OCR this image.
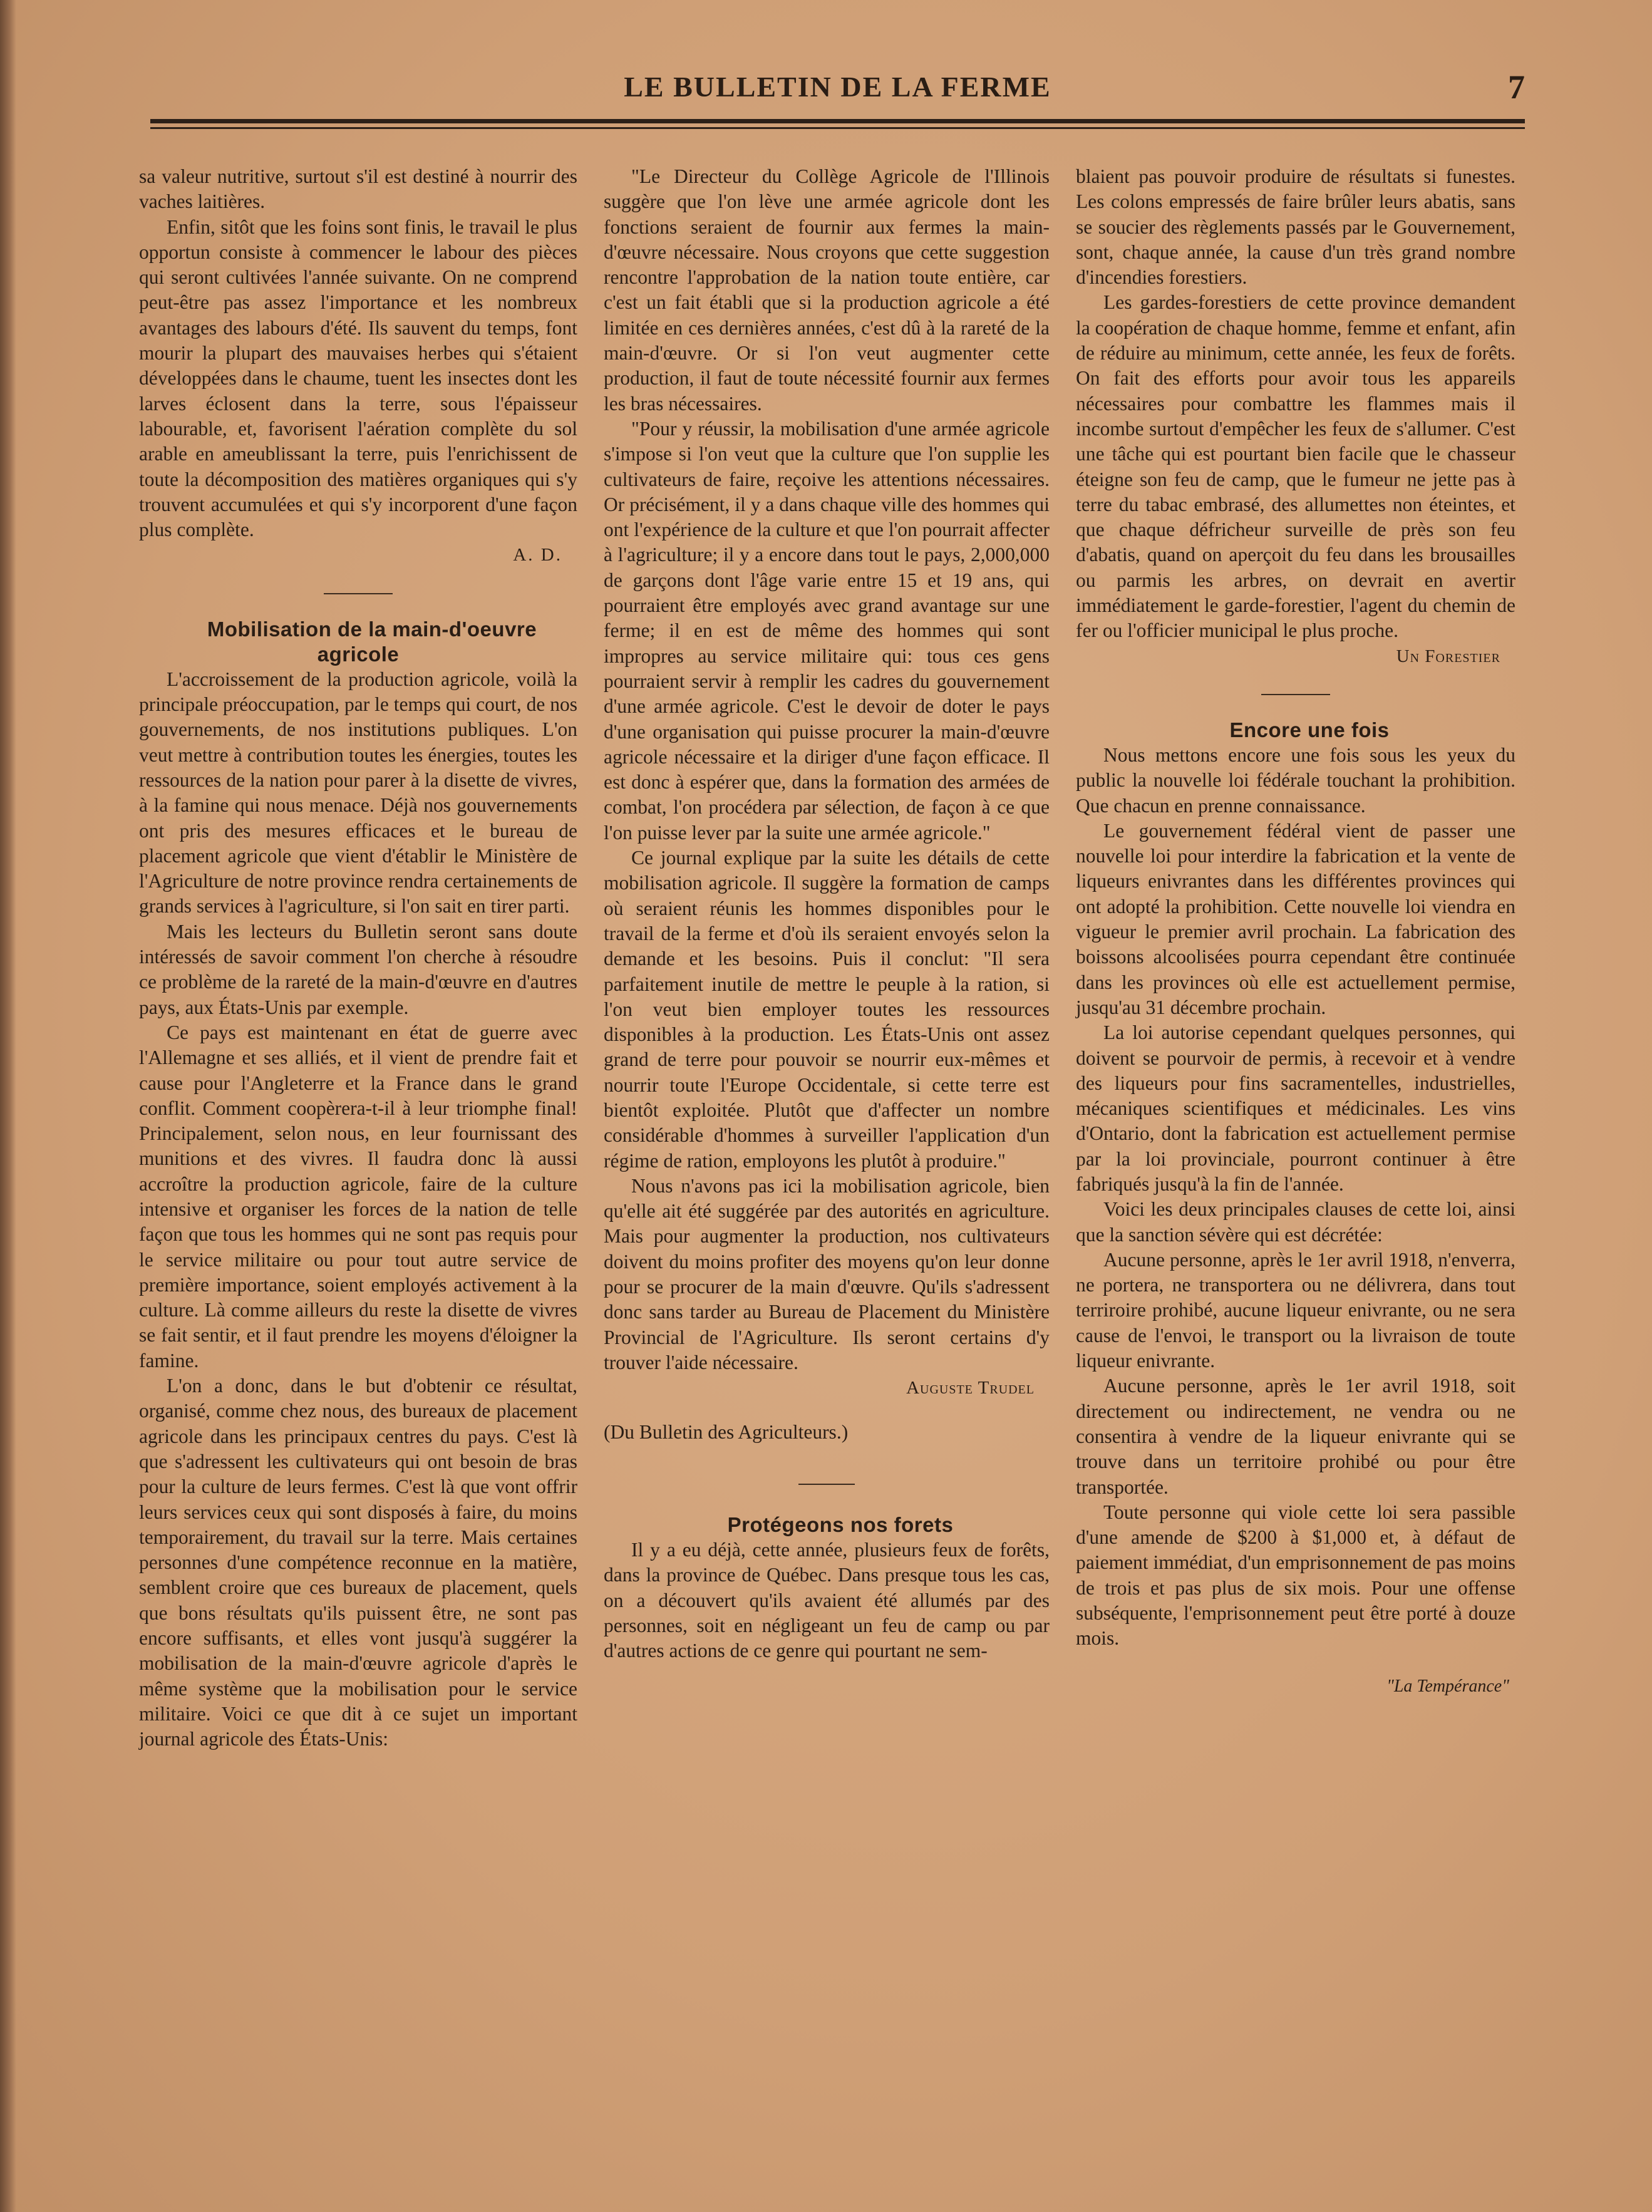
LE BULLETIN DE LA FERME	7

sa valeur nutritive, surtout s'il est destiné à nourrir des vaches laitières.

Enfin, sitôt que les foins sont finis, le travail le plus opportun consiste à commencer le labour des pièces qui seront cultivées l'année suivante. On ne comprend peut-être pas assez l'importance et les nombreux avantages des labours d'été. Ils sauvent du temps, font mourir la plupart des mauvaises herbes qui s'étaient développées dans le chaume, tuent les insectes dont les larves éclosent dans la terre, sous l'épaisseur labourable, et, favorisent l'aération complète du sol arable en ameublissant la terre, puis l'enrichissent de toute la décomposition des matières organiques qui s'y trouvent accumulées et qui s'y incorporent d'une façon plus complète.

A. D.

Mobilisation de la main-d'oeuvre agricole

L'accroissement de la production agricole, voilà la principale préoccupation, par le temps qui court, de nos gouvernements, de nos institutions publiques. L'on veut mettre à contribution toutes les énergies, toutes les ressources de la nation pour parer à la disette de vivres, à la famine qui nous menace. Déjà nos gouvernements ont pris des mesures efficaces et le bureau de placement agricole que vient d'établir le Ministère de l'Agriculture de notre province rendra certainements de grands services à l'agriculture, si l'on sait en tirer parti.

Mais les lecteurs du Bulletin seront sans doute intéressés de savoir comment l'on cherche à résoudre ce problème de la rareté de la main-d'œuvre en d'autres pays, aux États-Unis par exemple.

Ce pays est maintenant en état de guerre avec l'Allemagne et ses alliés, et il vient de prendre fait et cause pour l'Angleterre et la France dans le grand conflit. Comment coopèrera-t-il à leur triomphe final! Principalement, selon nous, en leur fournissant des munitions et des vivres. Il faudra donc là aussi accroître la production agricole, faire de la culture intensive et organiser les forces de la nation de telle façon que tous les hommes qui ne sont pas requis pour le service militaire ou pour tout autre service de première importance, soient employés activement à la culture. Là comme ailleurs du reste la disette de vivres se fait sentir, et il faut prendre les moyens d'éloigner la famine.

L'on a donc, dans le but d'obtenir ce résultat, organisé, comme chez nous, des bureaux de placement agricole dans les principaux centres du pays. C'est là que s'adressent les cultivateurs qui ont besoin de bras pour la culture de leurs fermes. C'est là que vont offrir leurs services ceux qui sont disposés à faire, du moins temporairement, du travail sur la terre. Mais certaines personnes d'une compétence reconnue en la matière, semblent croire que ces bureaux de placement, quels que bons résultats qu'ils puissent être, ne sont pas encore suffisants, et elles vont jusqu'à suggérer la mobilisation de la main-d'œuvre agricole d'après le même système que la mobilisation pour le service militaire. Voici ce que dit à ce sujet un important journal agricole des États-Unis:

"Le Directeur du Collège Agricole de l'Illinois suggère que l'on lève une armée agricole dont les fonctions seraient de fournir aux fermes la main-d'œuvre nécessaire. Nous croyons que cette suggestion rencontre l'approbation de la nation toute entière, car c'est un fait établi que si la production agricole a été limitée en ces dernières années, c'est dû à la rareté de la main-d'œuvre. Or si l'on veut augmenter cette production, il faut de toute nécessité fournir aux fermes les bras nécessaires.

"Pour y réussir, la mobilisation d'une armée agricole s'impose si l'on veut que la culture que l'on supplie les cultivateurs de faire, reçoive les attentions nécessaires. Or précisément, il y a dans chaque ville des hommes qui ont l'expérience de la culture et que l'on pourrait affecter à l'agriculture; il y a encore dans tout le pays, 2,000,000 de garçons dont l'âge varie entre 15 et 19 ans, qui pourraient être employés avec grand avantage sur une ferme; il en est de même des hommes qui sont impropres au service militaire qui: tous ces gens pourraient servir à remplir les cadres du gouvernement d'une armée agricole. C'est le devoir de doter le pays d'une organisation qui puisse procurer la main-d'œuvre agricole nécessaire et la diriger d'une façon efficace. Il est donc à espérer que, dans la formation des armées de combat, l'on procédera par sélection, de façon à ce que l'on puisse lever par la suite une armée agricole."

Ce journal explique par la suite les détails de cette mobilisation agricole. Il suggère la formation de camps où seraient réunis les hommes disponibles pour le travail de la ferme et d'où ils seraient envoyés selon la demande et les besoins. Puis il conclut: "Il sera parfaitement inutile de mettre le peuple à la ration, si l'on veut bien employer toutes les ressources disponibles à la production. Les États-Unis ont assez grand de terre pour pouvoir se nourrir eux-mêmes et nourrir toute l'Europe Occidentale, si cette terre est bientôt exploitée. Plutôt que d'affecter un nombre considérable d'hommes à surveiller l'application d'un régime de ration, employons les plutôt à produire."

Nous n'avons pas ici la mobilisation agricole, bien qu'elle ait été suggérée par des autorités en agriculture. Mais pour augmenter la production, nos cultivateurs doivent du moins profiter des moyens qu'on leur donne pour se procurer de la main d'œuvre. Qu'ils s'adressent donc sans tarder au Bureau de Placement du Ministère Provincial de l'Agriculture. Ils seront certains d'y trouver l'aide nécessaire.

Auguste Trudel

(Du Bulletin des Agriculteurs.)

Protégeons nos forets

Il y a eu déjà, cette année, plusieurs feux de forêts, dans la province de Québec. Dans presque tous les cas, on a découvert qu'ils avaient été allumés par des personnes, soit en négligeant un feu de camp ou par d'autres actions de ce genre qui pourtant ne sem-

blaient pas pouvoir produire de résultats si funestes. Les colons empressés de faire brûler leurs abatis, sans se soucier des règlements passés par le Gouvernement, sont, chaque année, la cause d'un très grand nombre d'incendies forestiers.

Les gardes-forestiers de cette province demandent la coopération de chaque homme, femme et enfant, afin de réduire au minimum, cette année, les feux de forêts. On fait des efforts pour avoir tous les appareils nécessaires pour combattre les flammes mais il incombe surtout d'empêcher les feux de s'allumer. C'est une tâche qui est pourtant bien facile que le chasseur éteigne son feu de camp, que le fumeur ne jette pas à terre du tabac embrasé, des allumettes non éteintes, et que chaque défricheur surveille de près son feu d'abatis, quand on aperçoit du feu dans les brousailles ou parmis les arbres, on devrait en avertir immédiatement le garde-forestier, l'agent du chemin de fer ou l'officier municipal le plus proche.

Un Forestier

Encore une fois

Nous mettons encore une fois sous les yeux du public la nouvelle loi fédérale touchant la prohibition. Que chacun en prenne connaissance.

Le gouvernement fédéral vient de passer une nouvelle loi pour interdire la fabrication et la vente de liqueurs enivrantes dans les différentes provinces qui ont adopté la prohibition. Cette nouvelle loi viendra en vigueur le premier avril prochain. La fabrication des boissons alcoolisées pourra cependant être continuée dans les provinces où elle est actuellement permise, jusqu'au 31 décembre prochain.

La loi autorise cependant quelques personnes, qui doivent se pourvoir de permis, à recevoir et à vendre des liqueurs pour fins sacramentelles, industrielles, mécaniques scientifiques et médicinales. Les vins d'Ontario, dont la fabrication est actuellement permise par la loi provinciale, pourront continuer à être fabriqués jusqu'à la fin de l'année.

Voici les deux principales clauses de cette loi, ainsi que la sanction sévère qui est décrétée:

Aucune personne, après le 1er avril 1918, n'enverra, ne portera, ne transportera ou ne délivrera, dans tout terriroire prohibé, aucune liqueur enivrante, ou ne sera cause de l'envoi, le transport ou la livraison de toute liqueur enivrante.

Aucune personne, après le 1er avril 1918, soit directement ou indirectement, ne vendra ou ne consentira à vendre de la liqueur enivrante qui se trouve dans un territoire prohibé ou pour être transportée.

Toute personne qui viole cette loi sera passible d'une amende de $200 à $1,000 et, à défaut de paiement immédiat, d'un emprisonnement de pas moins de trois et pas plus de six mois. Pour une offense subséquente, l'emprisonnement peut être porté à douze mois.

"La Tempérance"
